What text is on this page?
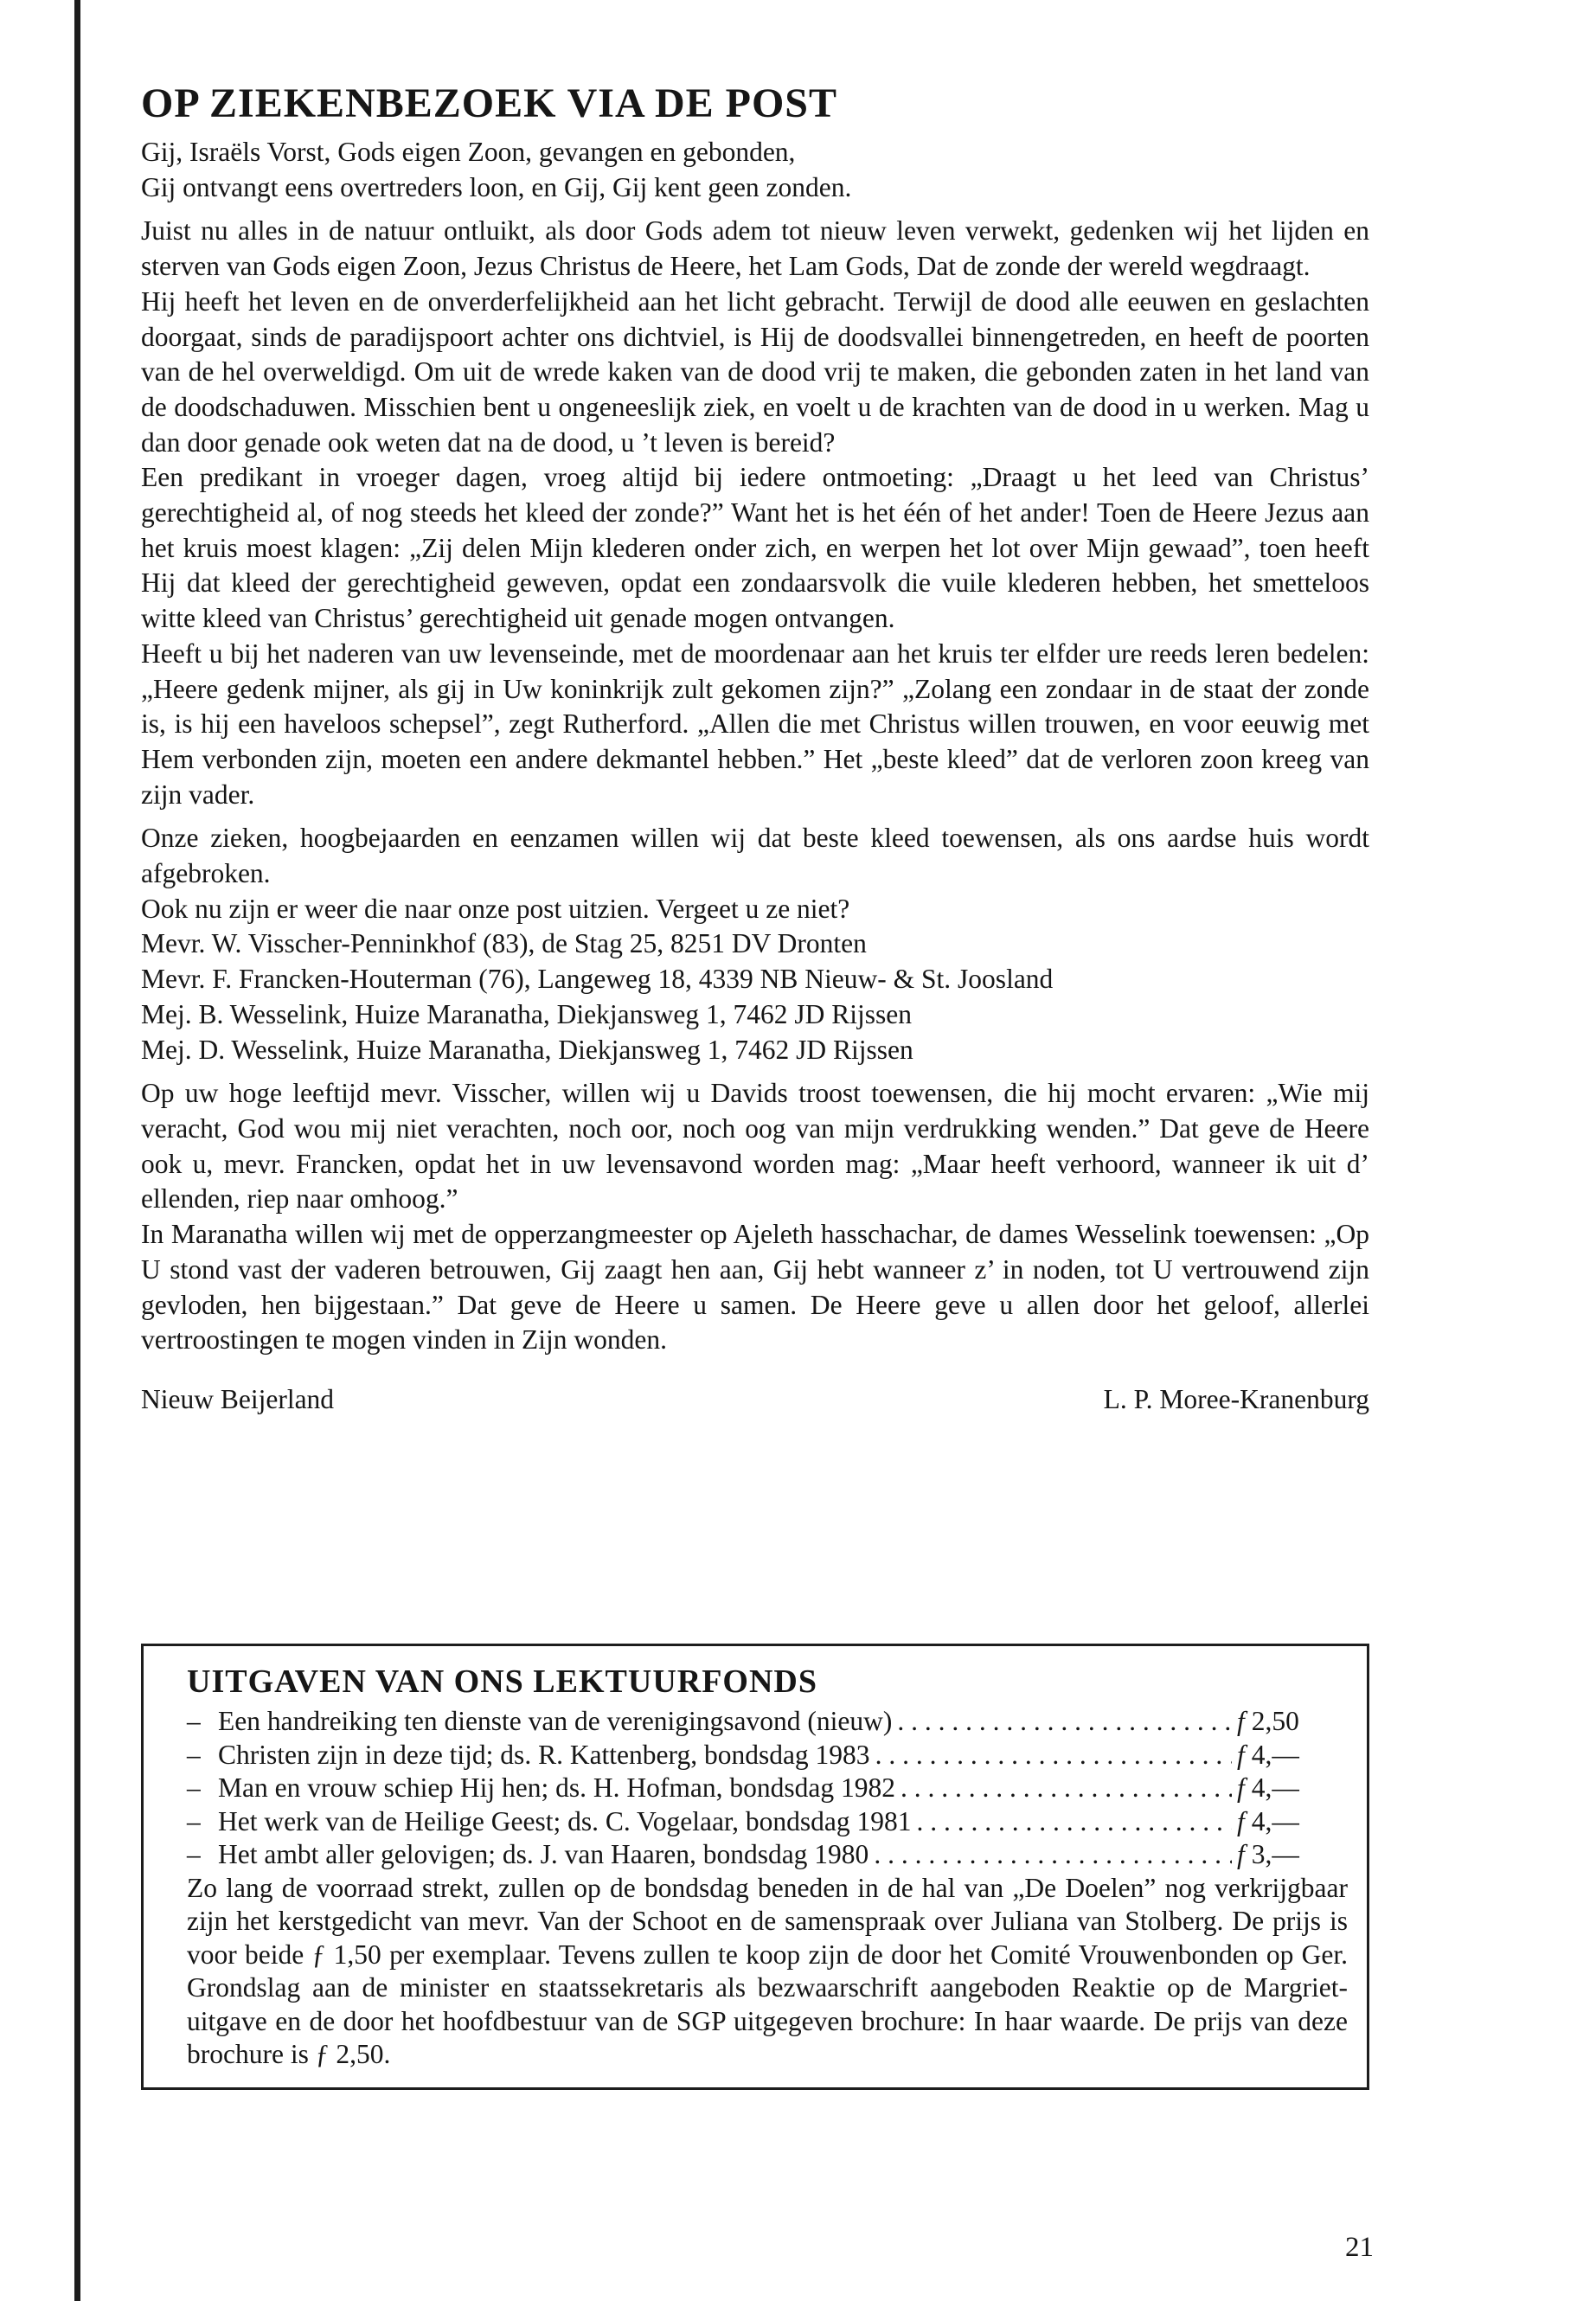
OP ZIEKENBEZOEK VIA DE POST

Gij, Israëls Vorst, Gods eigen Zoon, gevangen en gebonden,

Gij ontvangt eens overtreders loon, en Gij, Gij kent geen zonden.

Juist nu alles in de natuur ontluikt, als door Gods adem tot nieuw leven verwekt, gedenken wij het lijden en sterven van Gods eigen Zoon, Jezus Christus de Heere, het Lam Gods, Dat de zonde der wereld wegdraagt.

Hij heeft het leven en de onverderfelijkheid aan het licht gebracht. Terwijl de dood alle eeuwen en geslachten doorgaat, sinds de paradijspoort achter ons dichtviel, is Hij de doodsvallei binnengetreden, en heeft de poorten van de hel overweldigd. Om uit de wrede kaken van de dood vrij te maken, die gebonden zaten in het land van de doodschaduwen. Misschien bent u ongeneeslijk ziek, en voelt u de krachten van de dood in u werken. Mag u dan door genade ook weten dat na de dood, u ’t leven is bereid?

Een predikant in vroeger dagen, vroeg altijd bij iedere ontmoeting: „Draagt u het leed van Christus’ gerechtigheid al, of nog steeds het kleed der zonde?” Want het is het één of het ander! Toen de Heere Jezus aan het kruis moest klagen: „Zij delen Mijn klederen onder zich, en werpen het lot over Mijn gewaad”, toen heeft Hij dat kleed der gerechtigheid geweven, opdat een zondaarsvolk die vuile klederen hebben, het smetteloos witte kleed van Christus’ gerechtigheid uit genade mogen ontvangen.

Heeft u bij het naderen van uw levenseinde, met de moordenaar aan het kruis ter elfder ure reeds leren bedelen: „Heere gedenk mijner, als gij in Uw koninkrijk zult gekomen zijn?” „Zolang een zondaar in de staat der zonde is, is hij een haveloos schepsel”, zegt Rutherford. „Allen die met Christus willen trouwen, en voor eeuwig met Hem verbonden zijn, moeten een andere dekmantel hebben.” Het „beste kleed” dat de verloren zoon kreeg van zijn vader.

Onze zieken, hoogbejaarden en eenzamen willen wij dat beste kleed toewensen, als ons aardse huis wordt afgebroken.

Ook nu zijn er weer die naar onze post uitzien. Vergeet u ze niet?

Mevr. W. Visscher-Penninkhof (83), de Stag 25, 8251 DV Dronten
Mevr. F. Francken-Houterman (76), Langeweg 18, 4339 NB Nieuw- & St. Joosland
Mej. B. Wesselink, Huize Maranatha, Diekjansweg 1, 7462 JD Rijssen
Mej. D. Wesselink, Huize Maranatha, Diekjansweg 1, 7462 JD Rijssen

Op uw hoge leeftijd mevr. Visscher, willen wij u Davids troost toewensen, die hij mocht ervaren: „Wie mij veracht, God wou mij niet verachten, noch oor, noch oog van mijn verdrukking wenden.” Dat geve de Heere ook u, mevr. Francken, opdat het in uw levensavond worden mag: „Maar heeft verhoord, wanneer ik uit d’ ellenden, riep naar omhoog.”

In Maranatha willen wij met de opperzangmeester op Ajeleth hasschachar, de dames Wesselink toewensen: „Op U stond vast der vaderen betrouwen, Gij zaagt hen aan, Gij hebt wanneer z’ in noden, tot U vertrouwend zijn gevloden, hen bijgestaan.” Dat geve de Heere u samen. De Heere geve u allen door het geloof, allerlei vertroostingen te mogen vinden in Zijn wonden.

Nieuw Beijerland	L. P. Moree-Kranenburg
UITGAVEN VAN ONS LEKTUURFONDS
– Een handreiking ten dienste van de verenigingsavond (nieuw) . . .	f 2,50
– Christen zijn in deze tijd; ds. R. Kattenberg, bondsdag 1983 . . .	f 4,—
– Man en vrouw schiep Hij hen; ds. H. Hofman, bondsdag 1982 . . .	f 4,—
– Het werk van de Heilige Geest; ds. C. Vogelaar, bondsdag 1981 . . .	f 4,—
– Het ambt aller gelovigen; ds. J. van Haaren, bondsdag 1980 . . .	f 3,—

Zo lang de voorraad strekt, zullen op de bondsdag beneden in de hal van „De Doelen” nog verkrijgbaar zijn het kerstgedicht van mevr. Van der Schoot en de samenspraak over Juliana van Stolberg. De prijs is voor beide ƒ 1,50 per exemplaar. Tevens zullen te koop zijn de door het Comité Vrouwenbonden op Ger. Grondslag aan de minister en staatssekretaris als bezwaarschrift aangeboden Reaktie op de Margriet-uitgave en de door het hoofdbestuur van de SGP uitgegeven brochure: In haar waarde. De prijs van deze brochure is ƒ 2,50.

21
